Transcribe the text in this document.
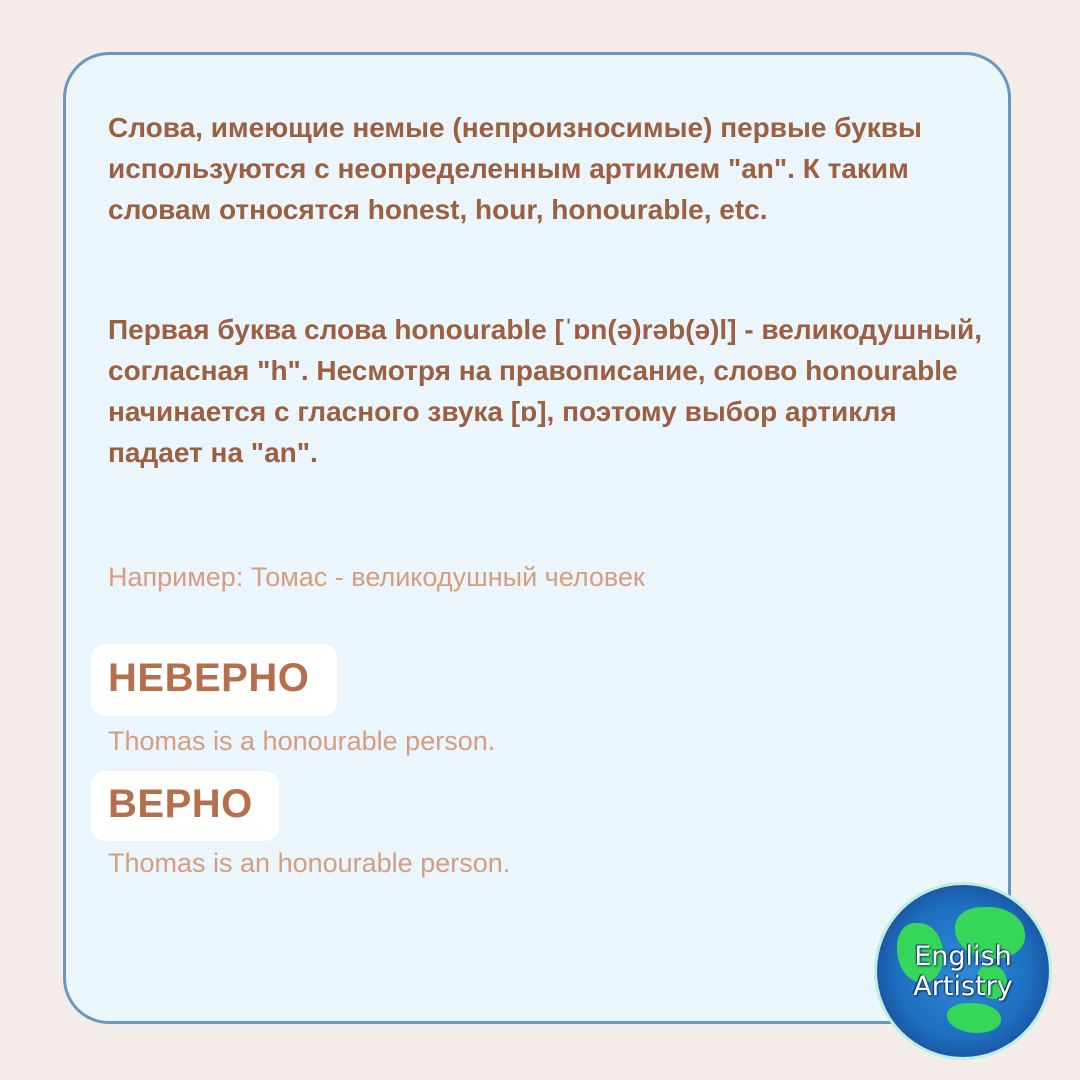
Слова, имеющие немые (непроизносимые) первые буквы используются с неопределенным артиклем "an". К таким словам относятся honest, hour, honourable, etc.

Первая буква слова honourable [ˈɒn(ə)rəb(ə)l] - великодушный, согласная "h". Несмотря на правописание, слово honourable начинается с гласного звука [ɒ], поэтому выбор артикля падает на "an".

Например: Томас - великодушный человек

НЕВЕРНО

Thomas is a honourable person.

ВЕРНО

Thomas is an honourable person.

English
Artistry
